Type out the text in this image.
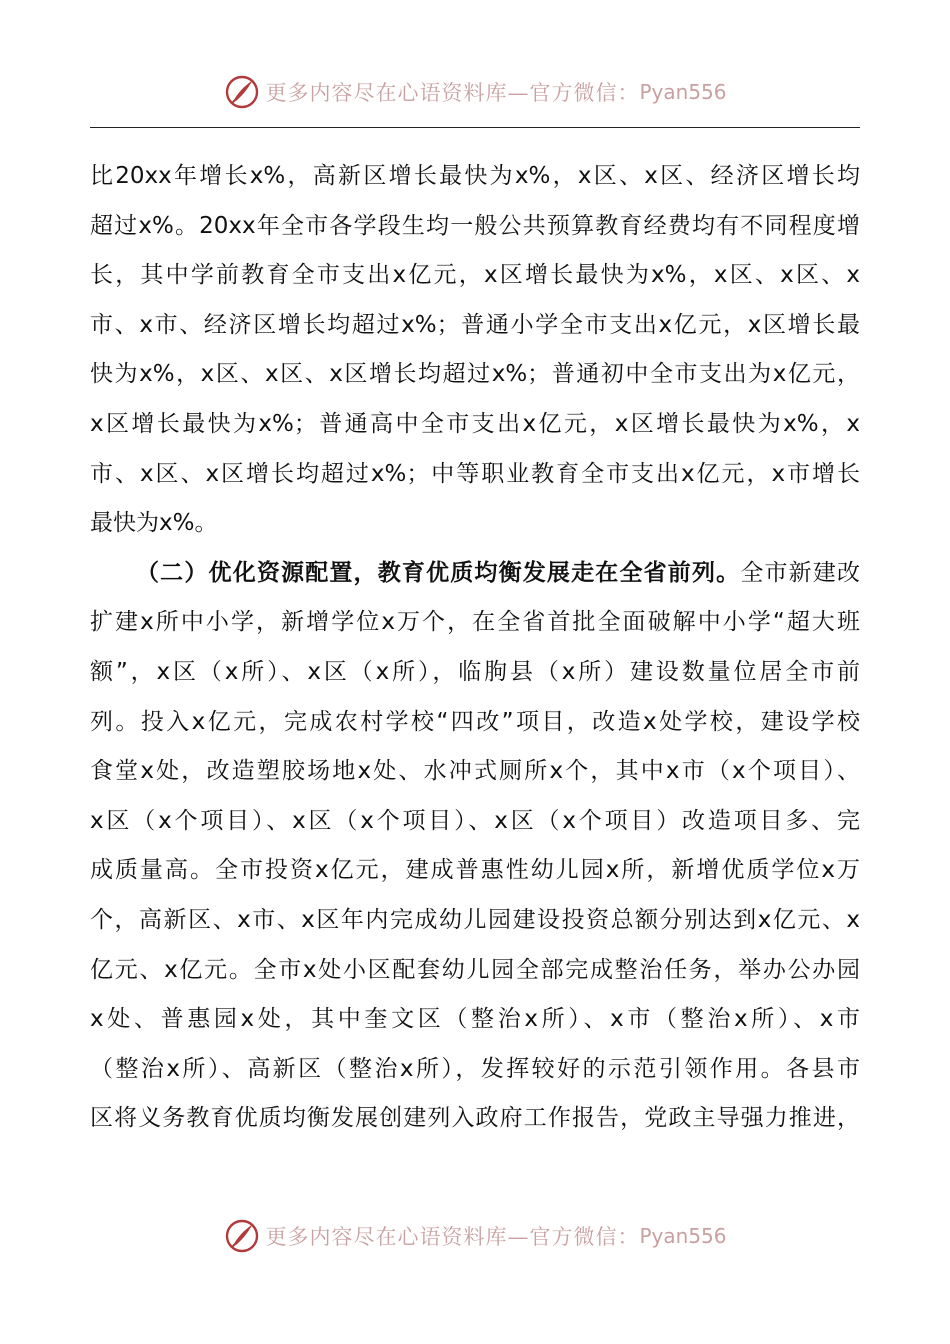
更多内容尽在心语资料库—官方微信： Pyan556
比20xx年增长x%，高新区增长最快为x%，x区、x区、经济区增长均
超过x%。20xx年全市各学段生均一般公共预算教育经费均有不同程度增
长，其中学前教育全市支出x亿元，x区增长最快为x%，x区、x区、x
市、x市、经济区增长均超过x%；普通小学全市支出x亿元，x区增长最
快为x%，x区、x区、x区增长均超过x%；普通初中全市支出为x亿元，
x区增长最快为x%；普通高中全市支出x亿元，x区增长最快为x%，x
市、x区、x区增长均超过x%；中等职业教育全市支出x亿元，x市增长
最快为x%。
（二）优化资源配置，教育优质均衡发展走在全省前列。全市新建改
扩建x所中小学，新增学位x万个，在全省首批全面破解中小学“超大班
额”，x区（x所）、x区（x所），临朐县（x所）建设数量位居全市前
列。投入x亿元，完成农村学校“四改”项目，改造x处学校，建设学校
食堂x处，改造塑胶场地x处、水冲式厕所x个，其中x市（x个项目）、
x区（x个项目）、x区（x个项目）、x区（x个项目）改造项目多、完
成质量高。全市投资x亿元，建成普惠性幼儿园x所，新增优质学位x万
个，高新区、x市、x区年内完成幼儿园建设投资总额分别达到x亿元、x
亿元、x亿元。全市x处小区配套幼儿园全部完成整治任务，举办公办园
x处、普惠园x处，其中奎文区（整治x所）、x市（整治x所）、x市
（整治x所）、高新区（整治x所），发挥较好的示范引领作用。各县市
区将义务教育优质均衡发展创建列入政府工作报告，党政主导强力推进，
更多内容尽在心语资料库—官方微信： Pyan556
